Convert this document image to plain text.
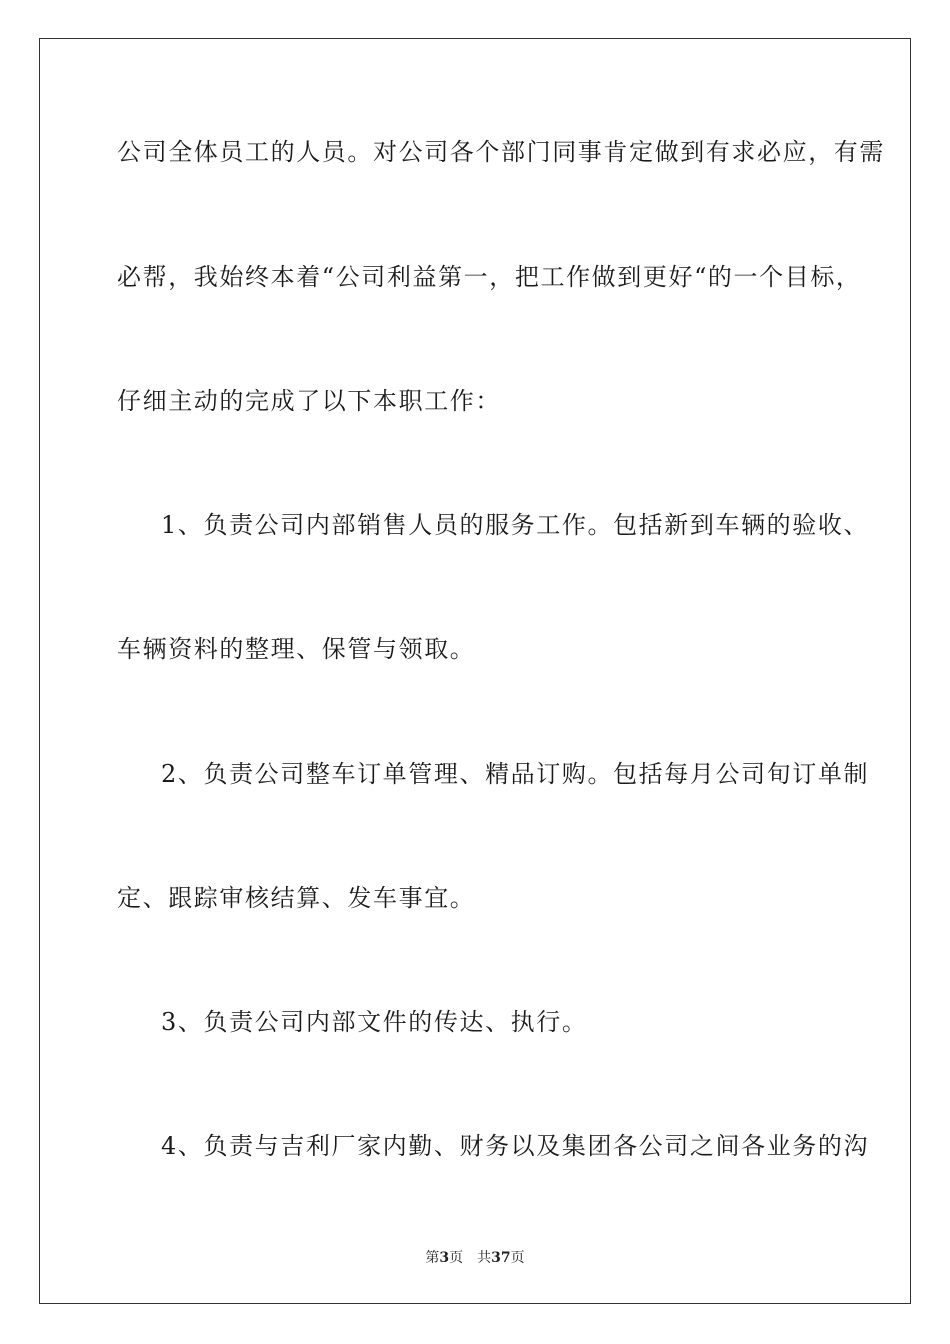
公司全体员工的人员。对公司各个部门同事肯定做到有求必应，有需
必帮，我始终本着“公司利益第一，把工作做到更好“的一个目标，
仔细主动的完成了以下本职工作：
1、负责公司内部销售人员的服务工作。包括新到车辆的验收、
车辆资料的整理、保管与领取。
2、负责公司整车订单管理、精品订购。包括每月公司旬订单制
定、跟踪审核结算、发车事宜。
3、负责公司内部文件的传达、执行。
4、负责与吉利厂家内勤、财务以及集团各公司之间各业务的沟
第3页 共37页
